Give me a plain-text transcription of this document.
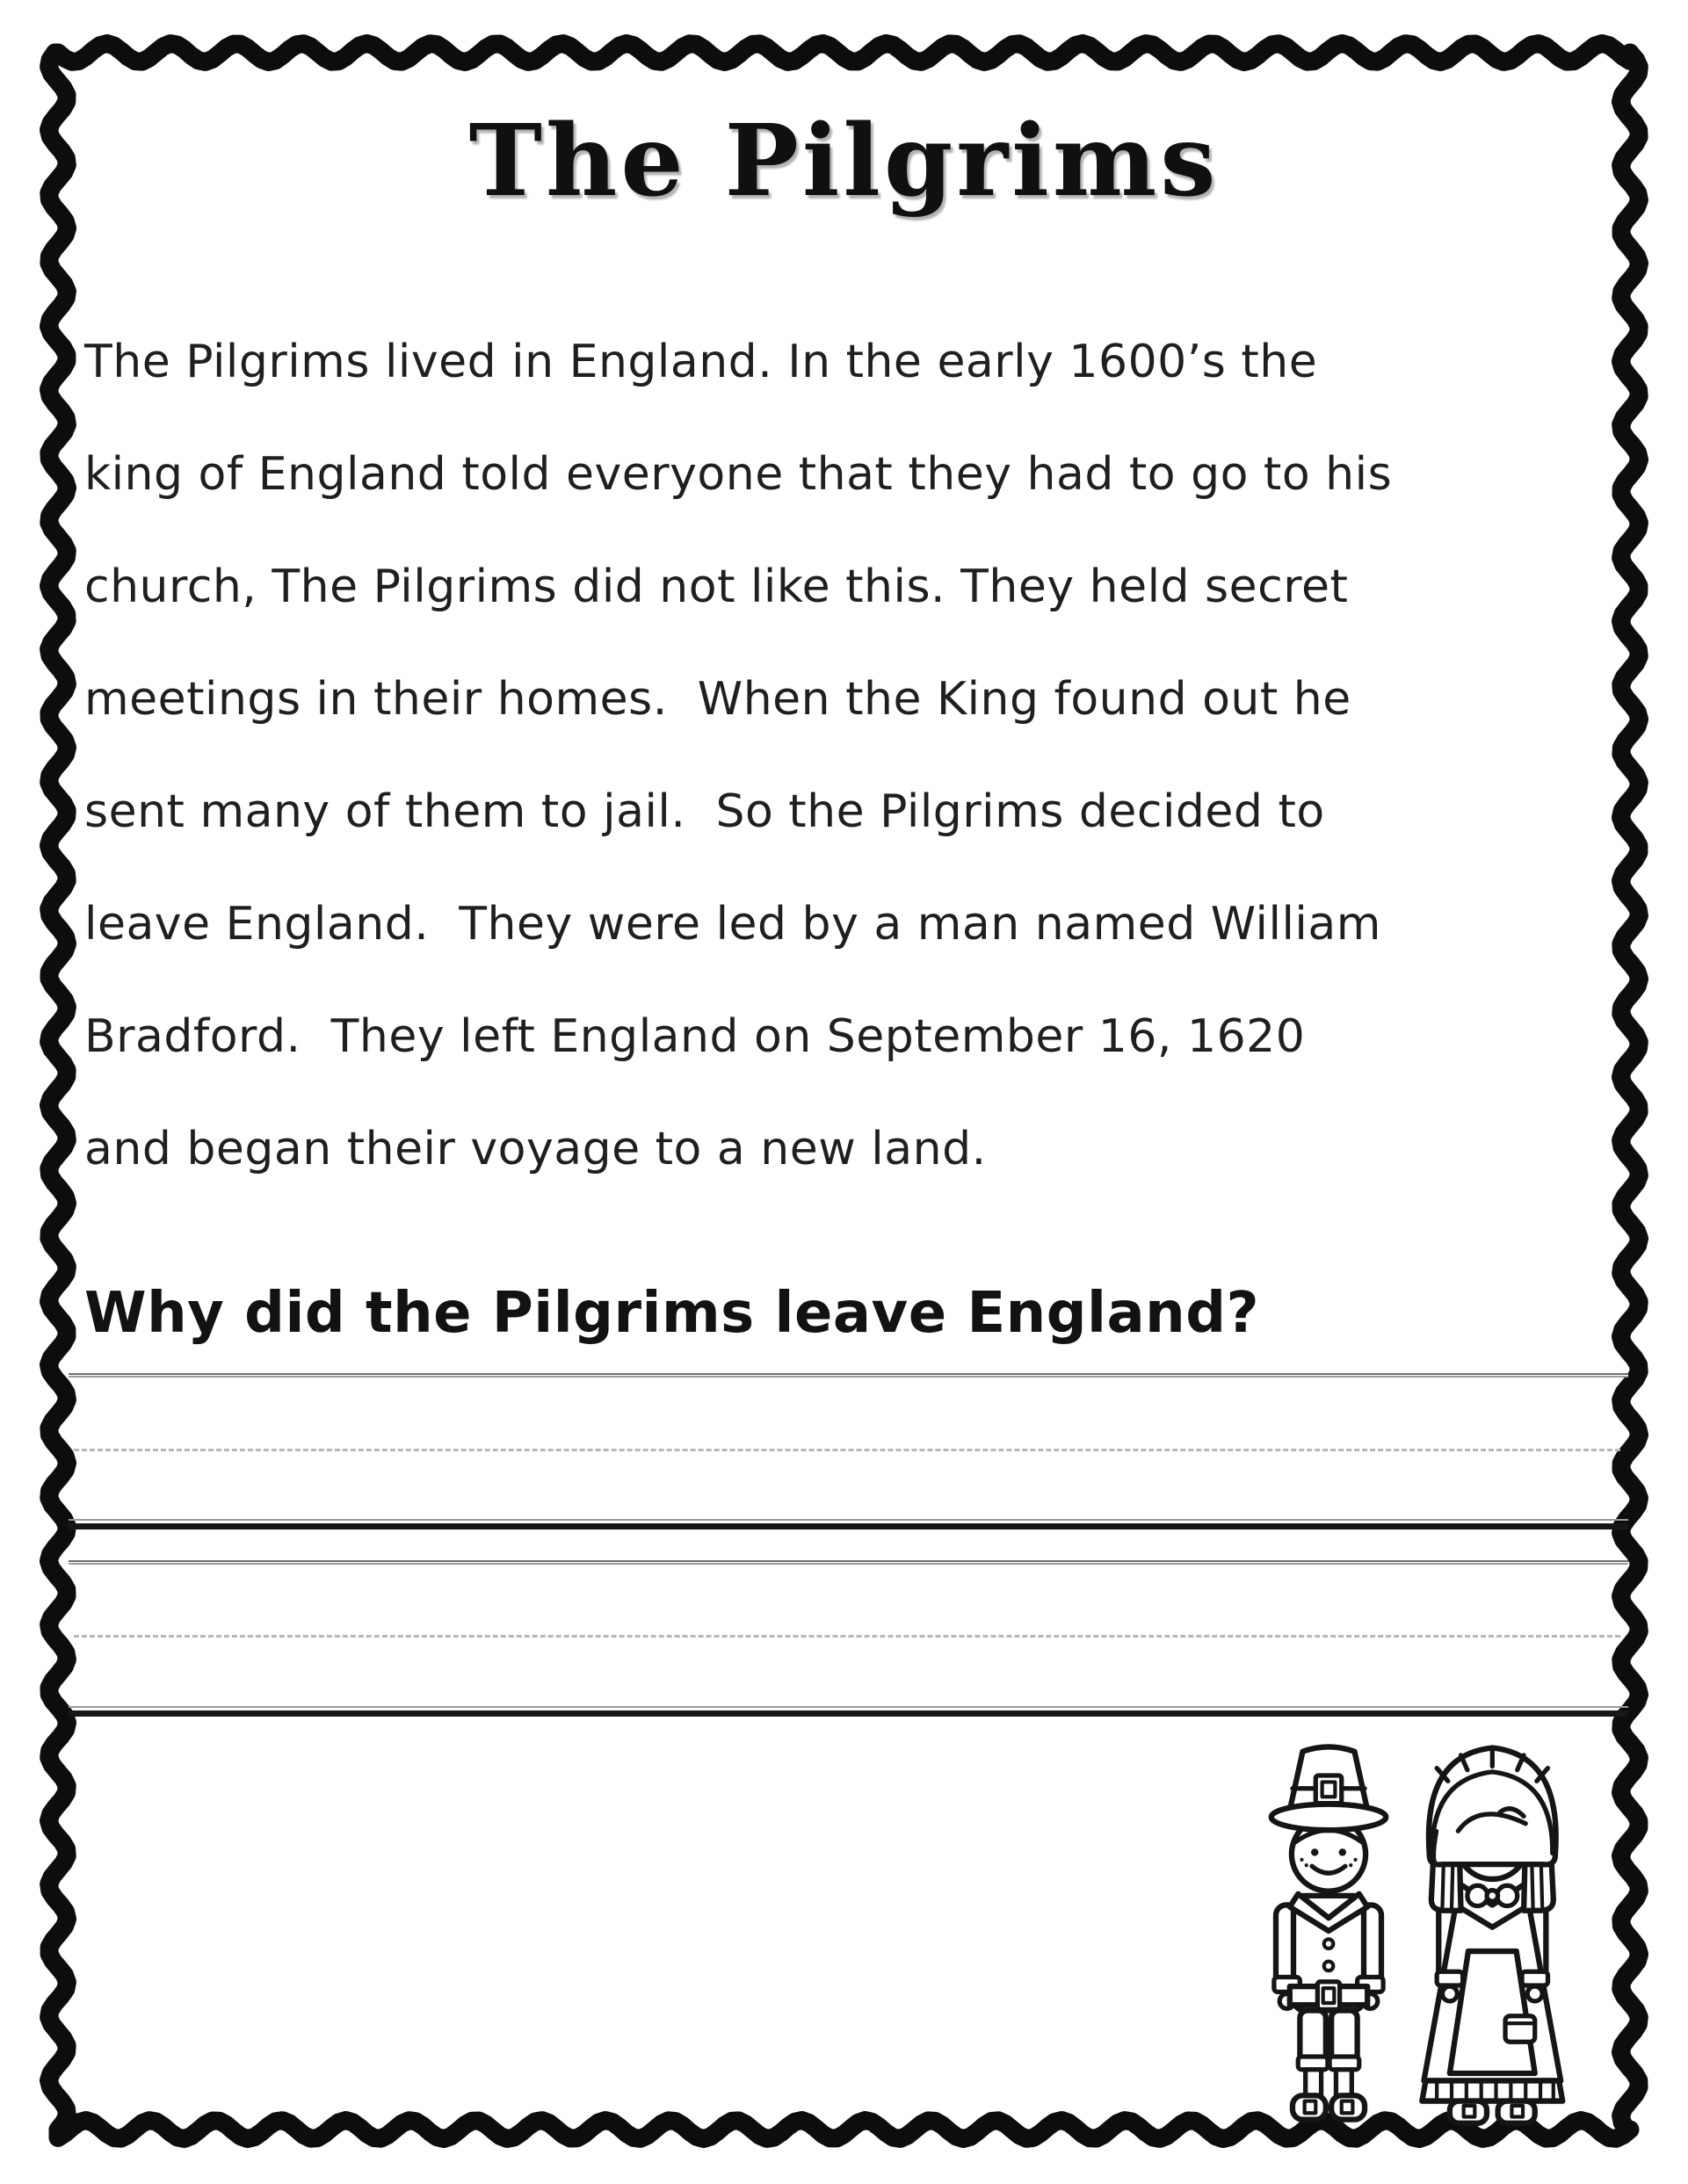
The Pilgrims
The Pilgrims lived in England. In the early 1600’s the
king of England told everyone that they had to go to his
church, The Pilgrims did not like this. They held secret
meetings in their homes.  When the King found out he
sent many of them to jail.  So the Pilgrims decided to
leave England.  They were led by a man named William
Bradford.  They left England on September 16, 1620
and began their voyage to a new land.
Why did the Pilgrims leave England?
